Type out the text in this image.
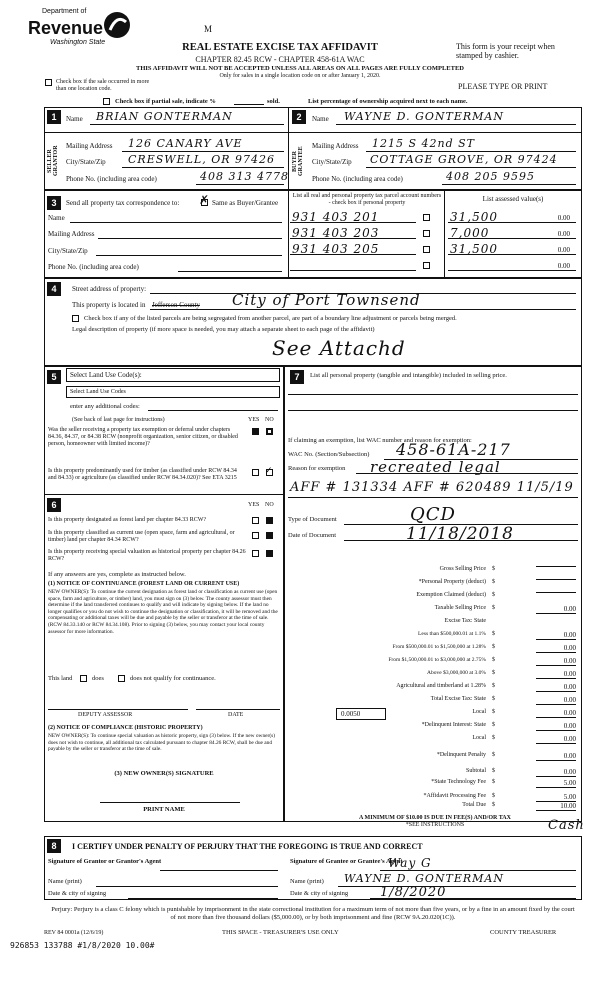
Department of
Revenue
Washington State
M
REAL ESTATE EXCISE TAX AFFIDAVIT
CHAPTER 82.45 RCW - CHAPTER 458-61A WAC
This form is your receipt when stamped by cashier.
THIS AFFIDAVIT WILL NOT BE ACCEPTED UNLESS ALL AREAS ON ALL PAGES ARE FULLY COMPLETED
Only for sales in a single location code on or after January 1, 2020.
Check box if the sale occurred in more than one location code.	PLEASE TYPE OR PRINT
Check box if partial sale, indicate %	sold.	List percentage of ownership acquired next to each name.
1
SELLER GRANTOR
Name BRIAN GONTERMAN
Mailing Address 126 CANARY AVE
City/State/Zip CRESWELL, OR 97426
Phone No. (including area code)	408 313 4778
2
BUYER GRANTEE
Name WAYNE D. GONTERMAN
Mailing Address 1215 S 42nd ST
City/State/Zip COTTAGE GROVE, OR 97424
Phone No. (including area code)	408 205 9595
3	Send all property tax correspondence to: ✗ Same as Buyer/Grantee
Name
Mailing Address
City/State/Zip
Phone No. (including area code)
List all real and personal property tax parcel account numbers - check box if personal property	List assessed value(s)
931 403 201	31,500	0.00
931 403 203	7,000	0.00
931 403 205	31,500	0.00
0.00
4	Street address of property:
This property is located in Jefferson County City of Port Townsend
Check box if any of the listed parcels are being segregated from another parcel, are part of a boundary line adjustment or parcels being merged.
Legal description of property (if more space is needed, you may attach a separate sheet to each page of the affidavit)
See Attachd
5	Select Land Use Code(s):
Select Land Use Codes
enter any additional codes:
(See back of last page for instructions)	YES NO
Was the seller receiving a property tax exemption or deferral under chapters 84.36, 84.37, or 84.38 RCW (nonprofit organization, senior citizen, or disabled person, homeowner with limited income)?
Is this property predominantly used for timber (as classified under RCW 84.34 and 84.33) or agriculture (as classified under RCW 84.34.020)? See ETA 3215
✓
6	YES NO
Is this property designated as forest land per chapter 84.33 RCW?
Is this property classified as current use (open space, farm and agricultural, or timber) land per chapter 84.34 RCW?
Is this property receiving special valuation as historical property per chapter 84.26 RCW?
If any answers are yes, complete as instructed below.
(1) NOTICE OF CONTINUANCE (FOREST LAND OR CURRENT USE)
NEW OWNER(S): To continue the current designation as forest land or classification as current use (open space, farm and agriculture, or timber) land, you must sign on (3) below. The county assessor must then determine if the land transferred continues to qualify and will indicate by signing below. If the land no longer qualifies or you do not wish to continue the designation or classification, it will be removed and the compensating or additional taxes will be due and payable by the seller or transferor at the time of sale. (RCW 84.33.140 or RCW 84.34.108). Prior to signing (3) below, you may contact your local county assessor for more information.
This land	does	does not qualify for continuance.
DEPUTY ASSESSOR	DATE
(2) NOTICE OF COMPLIANCE (HISTORIC PROPERTY)
NEW OWNER(S): To continue special valuation as historic property, sign (3) below. If the new owner(s) does not wish to continue, all additional tax calculated pursuant to chapter 84.26 RCW, shall be due and payable by the seller or transferor at the time of sale.
(3) NEW OWNER(S) SIGNATURE
PRINT NAME
7	List all personal property (tangible and intangible) included in selling price.
If claiming an exemption, list WAC number and reason for exemption:
WAC No. (Section/Subsection) 458-61A-217
Reason for exemption recreated legal
AFF # 131334 AFF # 620489 11/5/19
Type of Document	QCD
Date of Document	11/18/2018
Gross Selling Price $
*Personal Property (deduct) $
Exemption Claimed (deduct) $
Taxable Selling Price $	0.00
Excise Tax: State
Less than $500,000.01 at 1.1% $	0.00
From $500,000.01 to $1,500,000 at 1.28% $	0.00
From $1,500,000.01 to $3,000,000 at 2.75% $	0.00
Above $3,000,000 at 3.0% $	0.00
Agricultural and timberland at 1.28% $	0.00
Total Excise Tax: State $	0.00
0.0050	Local $	0.00
*Delinquent Interest: State $	0.00
Local $	0.00
*Delinquent Penalty $	0.00
Subtotal $	0.00
*State Technology Fee $	5.00
*Affidavit Processing Fee $	5.00
Total Due $	10.00
A MINIMUM OF $10.00 IS DUE IN FEE(S) AND/OR TAX
*SEE INSTRUCTIONS	Cash
8	I CERTIFY UNDER PENALTY OF PERJURY THAT THE FOREGOING IS TRUE AND CORRECT
Signature of Grantor or Grantor's Agent
Name (print)
Date & city of signing
Signature of Grantee or Grantee's Agent
Way G
Name (print) WAYNE D. GONTERMAN
Date & city of signing 1/8/2020
Perjury: Perjury is a class C felony which is punishable by imprisonment in the state correctional institution for a maximum term of not more than five years, or by a fine in an amount fixed by the court of not more than five thousand dollars ($5,000.00), or by both imprisonment and fine (RCW 9A.20.020(1C)).
REV 84 0001a (12/6/19)	THIS SPACE - TREASURER'S USE ONLY	COUNTY TREASURER
926853 133788 #1/8/2020 10.00#
